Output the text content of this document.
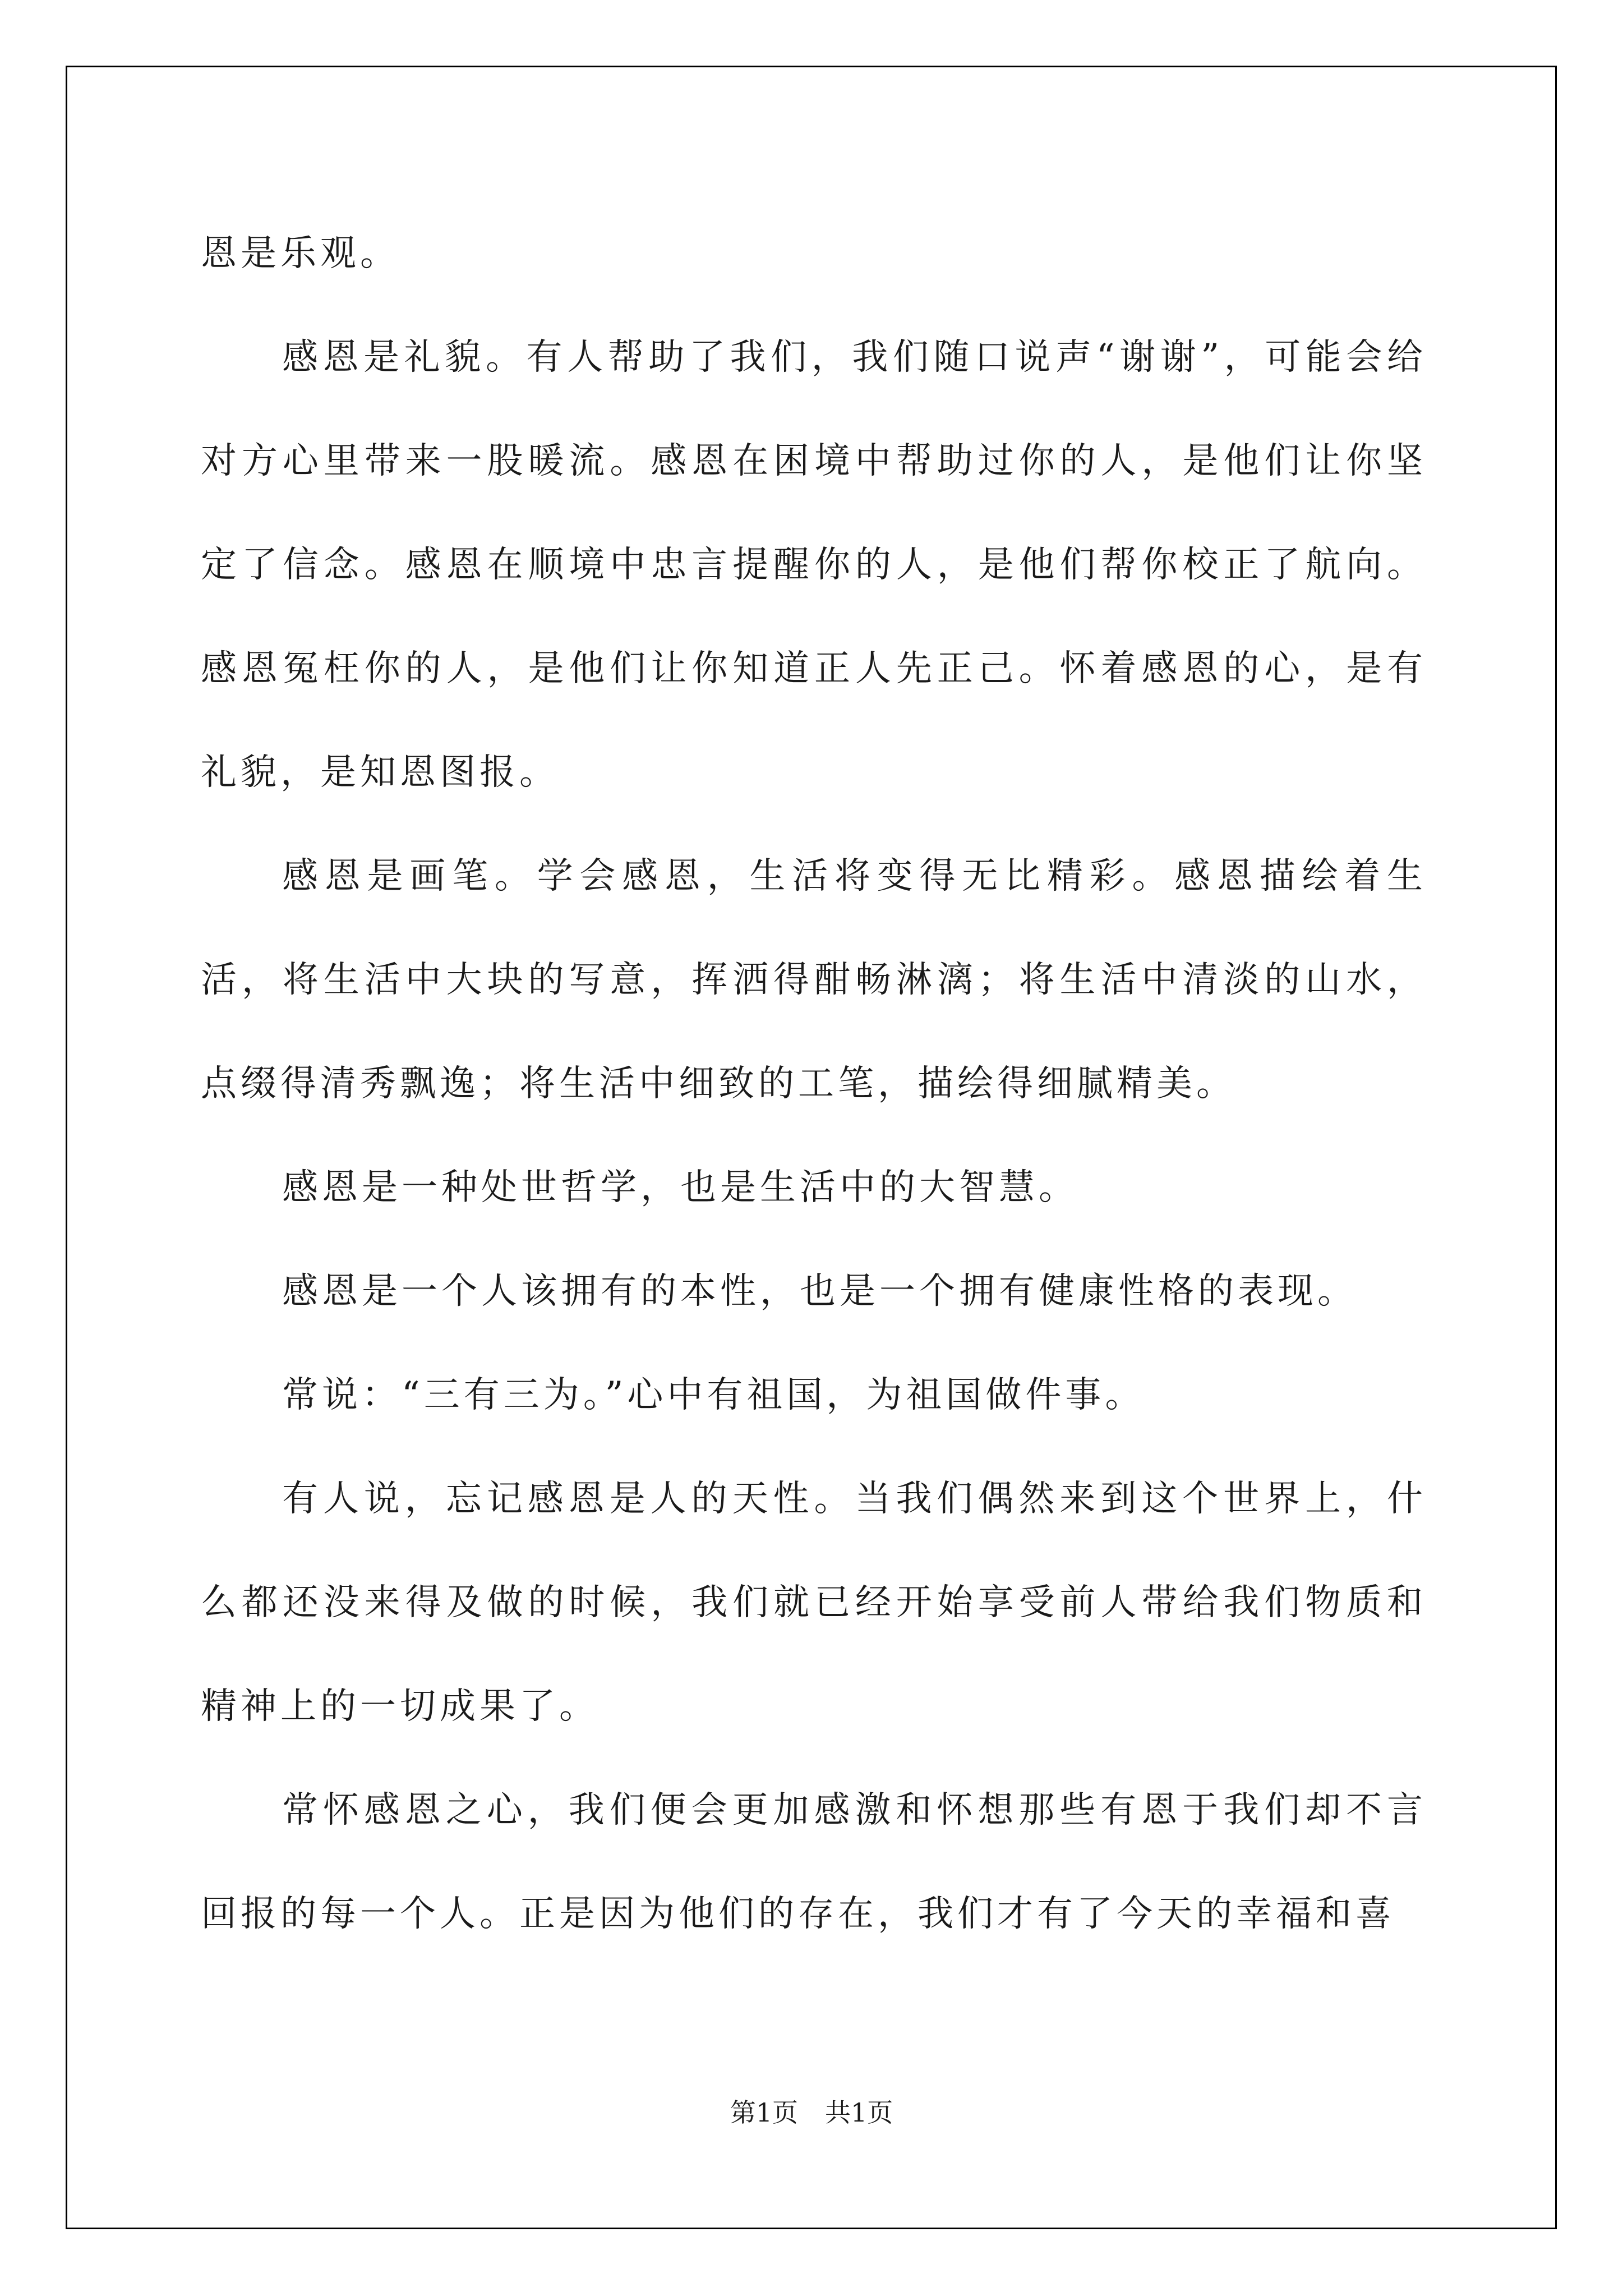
恩是乐观。

感恩是礼貌。有人帮助了我们，我们随口说声“谢谢”，可能会给对方心里带来一股暖流。感恩在困境中帮助过你的人，是他们让你坚定了信念。感恩在顺境中忠言提醒你的人，是他们帮你校正了航向。感恩冤枉你的人，是他们让你知道正人先正己。怀着感恩的心，是有礼貌，是知恩图报。

感恩是画笔。学会感恩，生活将变得无比精彩。感恩描绘着生活，将生活中大块的写意，挥洒得酣畅淋漓；将生活中清淡的山水，点缀得清秀飘逸；将生活中细致的工笔，描绘得细腻精美。

感恩是一种处世哲学，也是生活中的大智慧。

感恩是一个人该拥有的本性，也是一个拥有健康性格的表现。

常说：“三有三为。”心中有祖国，为祖国做件事。

有人说，忘记感恩是人的天性。当我们偶然来到这个世界上，什么都还没来得及做的时候，我们就已经开始享受前人带给我们物质和精神上的一切成果了。

常怀感恩之心，我们便会更加感激和怀想那些有恩于我们却不言回报的每一个人。正是因为他们的存在，我们才有了今天的幸福和喜

第1页 共1页
